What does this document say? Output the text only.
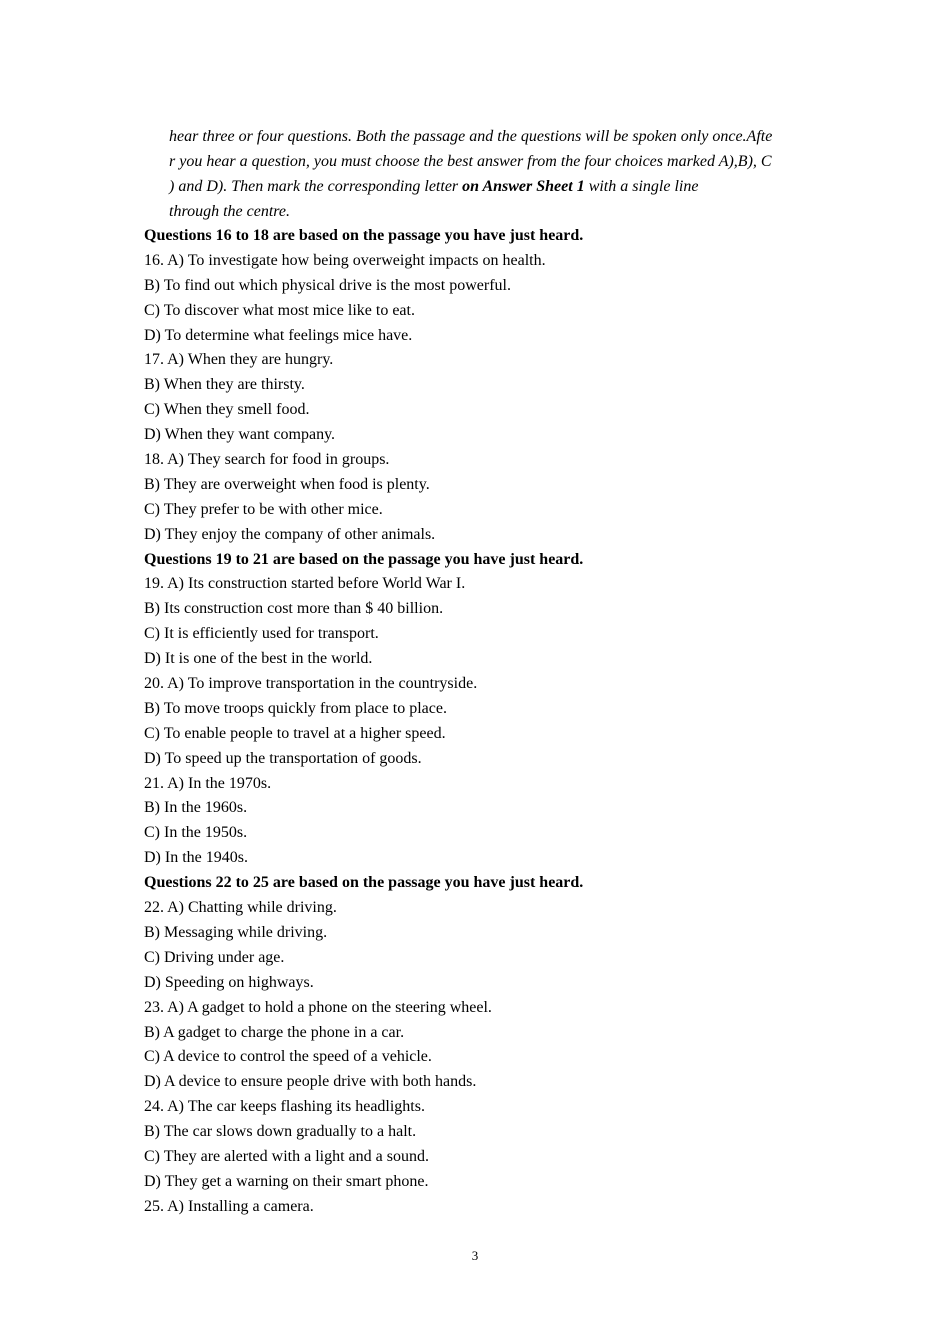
hear three or four questions. Both the passage and the questions will be spoken only once.Afte
r you hear a question, you must choose the best answer from the four choices marked A),B), C
) and D). Then mark the corresponding letter on Answer Sheet 1 with a single line
through the centre.
Questions 16 to 18 are based on the passage you have just heard.
16. A) To investigate how being overweight impacts on health.
B) To find out which physical drive is the most powerful.
C) To discover what most mice like to eat.
D) To determine what feelings mice have.
17. A) When they are hungry.
B) When they are thirsty.
C) When they smell food.
D) When they want company.
18. A) They search for food in groups.
B) They are overweight when food is plenty.
C) They prefer to be with other mice.
D) They enjoy the company of other animals.
Questions 19 to 21 are based on the passage you have just heard.
19. A) Its construction started before World War I.
B) Its construction cost more than $ 40 billion.
C) It is efficiently used for transport.
D) It is one of the best in the world.
20. A) To improve transportation in the countryside.
B) To move troops quickly from place to place.
C) To enable people to travel at a higher speed.
D) To speed up the transportation of goods.
21. A) In the 1970s.
B) In the 1960s.
C) In the 1950s.
D) In the 1940s.
Questions 22 to 25 are based on the passage you have just heard.
22. A) Chatting while driving.
B) Messaging while driving.
C) Driving under age.
D) Speeding on highways.
23. A) A gadget to hold a phone on the steering wheel.
B) A gadget to charge the phone in a car.
C) A device to control the speed of a vehicle.
D) A device to ensure people drive with both hands.
24. A) The car keeps flashing its headlights.
B) The car slows down gradually to a halt.
C) They are alerted with a light and a sound.
D) They get a warning on their smart phone.
25. A) Installing a camera.
3
